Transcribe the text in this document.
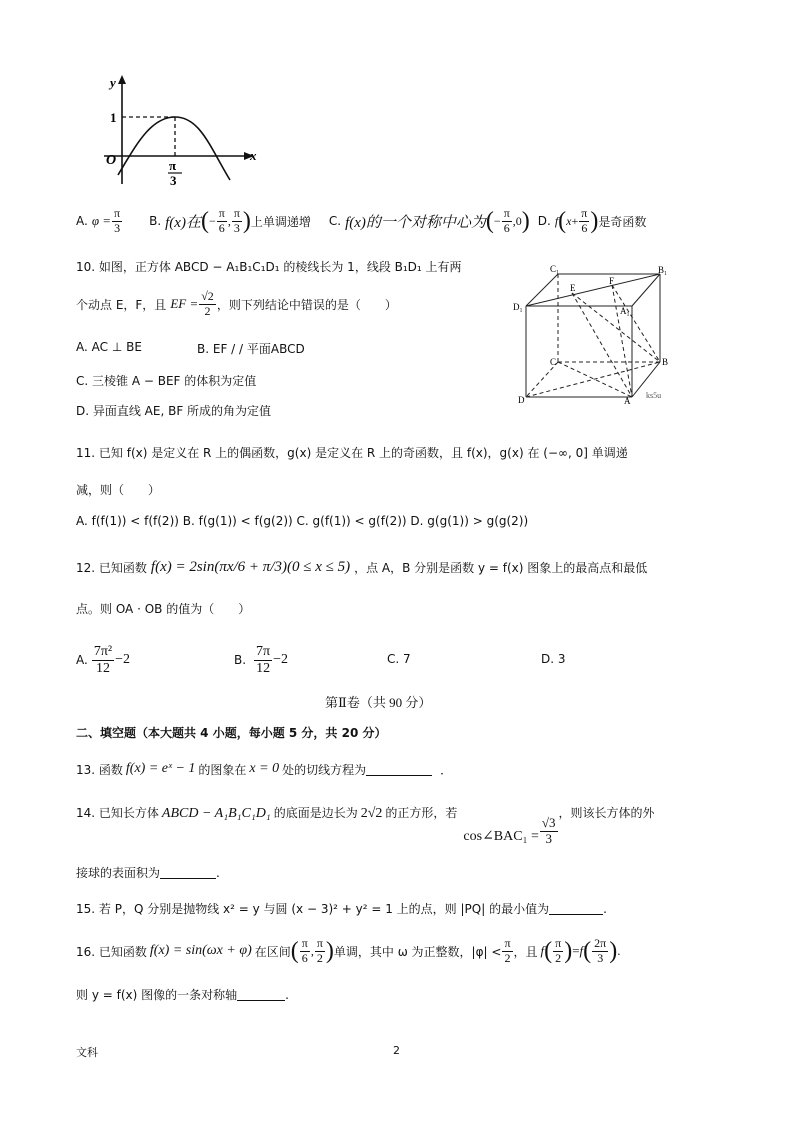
y
x
O
1
π
3
A. $\varphi = \frac{\pi}{3} B$. f(x)在 ( − $\frac{\pi}{6}$ , $\frac{\pi}{3}$ ) 上单调递增 C. f(x)的一个对称中心为 ( − $\frac{\pi}{6} ,0$ ) D. f ( $x + \frac{\pi}{6}$ ) 是奇函数
10. 如图，正方体 ABCD − A₁B₁C₁D₁ 的棱线长为 1，线段 B₁D₁ 上有两
个动点 E，F，且 EF = $\frac{√2}{2}$ ，则下列结论中错误的是（　　）
A. AC ⊥ BE	B. EF / / 平面ABCD
C. 三棱锥 A − BEF 的体积为定值
D. 异面直线 AE, BF 所成的角为定值
C₁	B₁
D₁	A₁
E
F
C	B
D	A
ks5u
11. 已知 f(x) 是定义在 R 上的偶函数，g(x) 是定义在 R 上的奇函数，且 f(x)，g(x) 在 (−∞, 0] 单调递
减，则（　　）
A. f(f(1)) < f(f(2)) B. f(g(1)) < f(g(2)) C. g(f(1)) < g(f(2)) D. g(g(1)) > g(g(2))
12. 已知函数 f(x) = 2sin(πx/6 + π/3)(0 ≤ x ≤ 5) ，点 A，B 分别是函数 y = f(x) 图象上的最高点和最低
点。则 OA · OB 的值为（　　）
A. $\frac{\text{7π²}}{12} -2$	B. $\frac{7\pi}{12} -2$	C. 7	D. 3
第Ⅱ卷（共 90 分）
二、填空题（本大题共 4 小题，每小题 5 分，共 20 分）
13. 函数 f(x) = eˣ − 1 的图象在 x = 0 处的切线方程为	．
14. 已知长方体 ABCD − A₁B₁C₁D₁ 的底面是边长为 2√2 的正方形，若
cos∠BAC₁ = $\frac{√3}{3}$
，则该长方体的外
接球的表面积为	.
15. 若 P，Q 分别是抛物线 x² = y 与圆 (x − 3)² + y² = 1 上的点，则 |PQ| 的最小值为	.
16. 已知函数 f(x) = sin(ωx + φ) 在区间 ( $\frac{\pi}{6}$ , $\frac{\pi}{2}$ ) 单调，其中 ω 为正整数，$|\varphi| < \frac{\pi}{2}$ ，且 f ( $\frac{\pi}{2}$ ) = f ( $\frac{2\pi}{3}$ ) .
则 y = f(x) 图像的一条对称轴	.
文科	2
